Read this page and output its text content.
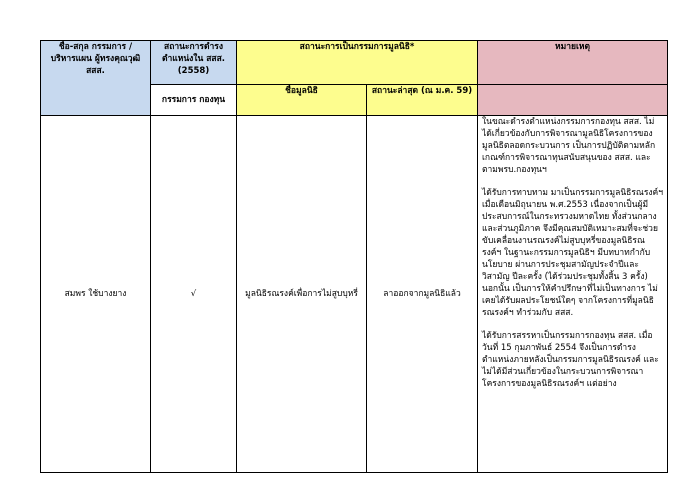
ชื่อ-สกุล กรรมการ / บริหารแผน ผู้ทรงคุณวุฒิ สสส.	สถานะการดำรงตำแหน่งใน สสส. (2558)	สถานะการเป็นกรรมการมูลนิธิ*		หมายเหตุ
	กรรมการ กองทุน	ชื่อมูลนิธิ	สถานะล่าสุด (ณ ม.ค. 59)	
สมพร ใช้บางยาง	√	มูลนิธิรณรงค์เพื่อการไม่สูบบุหรี่	ลาออกจากมูลนิธิแล้ว	ในขณะดำรงตำแหน่งกรรมการกองทุน สสส. ไม่ได้เกี่ยวข้องกับการพิจารณามูลนิธิโครงการของมูลนิธิตลอดกระบวนการ เป็นการปฏิบัติตามหลักเกณฑ์การพิจารณาทุนสนับสนุนของ สสส. และตามพรบ.กองทุนฯ

ได้รับการทาบทาม มาเป็นกรรมการมูลนิธิรณรงค์ฯ เมื่อเดือนมิถุนายน พ.ศ.2553 เนื่องจากเป็นผู้มีประสบการณ์ในกระทรวงมหาดไทย ทั้งส่วนกลางและส่วนภูมิภาค จึงมีคุณสมบัติเหมาะสมที่จะช่วยขับเคลื่อนงานรณรงค์ไม่สูบบุหรี่ของมูลนิธิรณรงค์ฯ ในฐานะกรรมการมูลนิธิฯ มีบทบาทกำกับนโยบาย ผ่านการประชุมสามัญประจำปีและวิสามัญ ปีละครั้ง (ได้ร่วมประชุมทั้งสิ้น 3 ครั้ง) นอกนั้น เป็นการให้คำปรึกษาที่ไม่เป็นทางการ ไม่เคยได้รับผลประโยชน์ใดๆ จากโครงการที่มูลนิธิรณรงค์ฯ ทำร่วมกับ สสส.

ได้รับการสรรหาเป็นกรรมการกองทุน สสส. เมื่อวันที่ 15 กุมภาพันธ์ 2554 จึงเป็นการดำรงตำแหน่งภายหลังเป็นกรรมการมูลนิธิรณรงค์ และไม่ได้มีส่วนเกี่ยวข้องในกระบวนการพิจารณาโครงการของมูลนิธิรณรงค์ฯ แต่อย่าง
